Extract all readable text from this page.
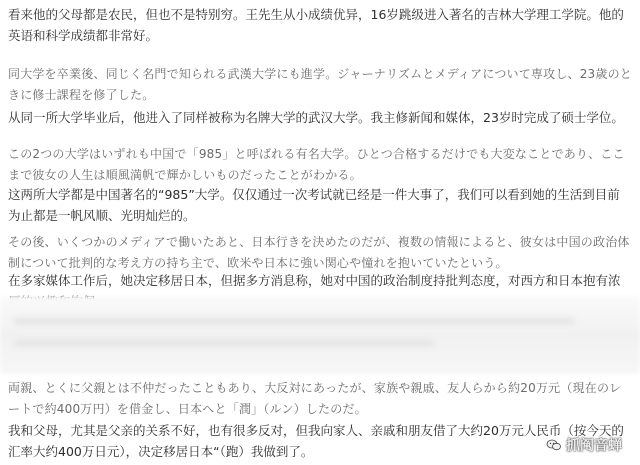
看来他的父母都是农民，但也不是特别穷。王先生从小成绩优异，16岁跳级进入著名的吉林大学理工学院。他的英语和科学成绩都非常好。

同大学を卒業後、同じく名門で知られる武漢大学にも進学。ジャーナリズムとメディアについて専攻し、23歳のときに修士課程を修了した。

从同一所大学毕业后，他进入了同样被称为名牌大学的武汉大学。我主修新闻和媒体，23岁时完成了硕士学位。

この2つの大学はいずれも中国で「985」と呼ばれる有名大学。ひとつ合格するだけでも大変なことであり、ここまで彼女の人生は順風満帆で輝かしいものだったことがわかる。

这两所大学都是中国著名的“985”大学。仅仅通过一次考试就已经是一件大事了，我们可以看到她的生活到目前为止都是一帆风顺、光明灿烂的。

その後、いくつかのメディアで働いたあと、日本行きを決めたのだが、複数の情報によると、彼女は中国の政治体制について批判的な考え方の持ち主で、欧米や日本に強い関心や憧れを抱いていたという。

在多家媒体工作后，她决定移居日本，但据多方消息称，她对中国的政治制度持批判态度，对西方和日本抱有浓

両親、とくに父親とは不仲だったこともあり、大反対にあったが、家族や親戚、友人らから約20万元（現在のレートで約400万円）を借金し、日本へと「潤」（ルン）したのだ。

我和父母，尤其是父亲的关系不好，也有很多反对，但我向家人、亲戚和朋友借了大约20万元人民币（按今天的汇率大约400万日元），决定移居日本“（跑）我做到了。	抓阄音蝉
